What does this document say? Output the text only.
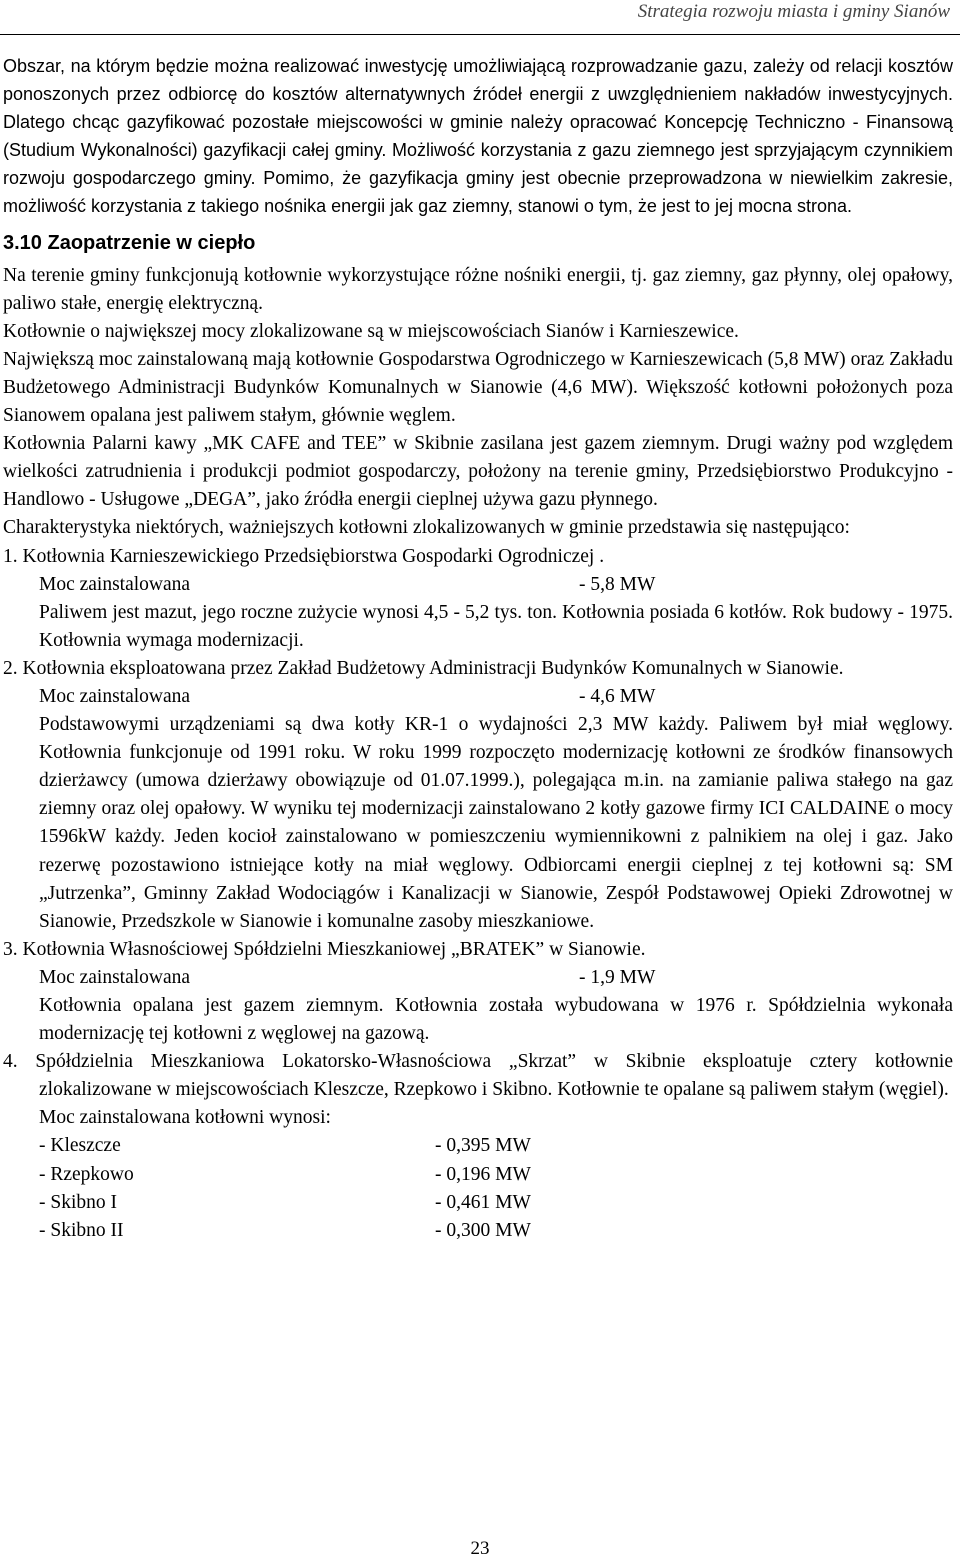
Strategia rozwoju miasta i gminy Sianów

Obszar, na którym będzie można realizować inwestycję umożliwiającą rozprowadzanie gazu, zależy od relacji kosztów ponoszonych przez odbiorcę do kosztów alternatywnych źródeł energii z uwzględnieniem nakładów inwestycyjnych. Dlatego chcąc gazyfikować pozostałe miejscowości w gminie należy opracować Koncepcję Techniczno - Finansową (Studium Wykonalności) gazyfikacji całej gminy. Możliwość korzystania z gazu ziemnego jest sprzyjającym czynnikiem rozwoju gospodarczego gminy. Pomimo, że gazyfikacja gminy jest obecnie przeprowadzona w niewielkim zakresie, możliwość korzystania z takiego nośnika energii jak gaz ziemny, stanowi o tym, że jest to jej mocna strona.

3.10 Zaopatrzenie w ciepło

Na terenie gminy funkcjonują kotłownie wykorzystujące różne nośniki energii, tj. gaz ziemny, gaz płynny, olej opałowy, paliwo stałe, energię elektryczną.

Kotłownie o największej mocy zlokalizowane są w miejscowościach Sianów i Karnieszewice.

Największą moc zainstalowaną mają kotłownie Gospodarstwa Ogrodniczego w Karnieszewicach (5,8 MW) oraz Zakładu Budżetowego Administracji Budynków Komunalnych w Sianowie (4,6 MW). Większość kotłowni położonych poza Sianowem opalana jest paliwem stałym, głównie węglem.

Kotłownia Palarni kawy „MK CAFE and TEE” w Skibnie zasilana jest gazem ziemnym. Drugi ważny pod względem wielkości zatrudnienia i produkcji podmiot gospodarczy, położony na terenie gminy, Przedsiębiorstwo Produkcyjno - Handlowo - Usługowe „DEGA”, jako źródła energii cieplnej używa gazu płynnego.

Charakterystyka niektórych, ważniejszych kotłowni zlokalizowanych w gminie przedstawia się następująco:

1. Kotłownia Karnieszewickiego Przedsiębiorstwa Gospodarki Ogrodniczej .

Moc zainstalowana	- 5,8 MW

Paliwem jest mazut, jego roczne zużycie wynosi 4,5 - 5,2 tys. ton. Kotłownia posiada 6 kotłów. Rok budowy - 1975. Kotłownia wymaga modernizacji.

2. Kotłownia eksploatowana przez Zakład Budżetowy Administracji Budynków Komunalnych w Sianowie.

Moc zainstalowana	- 4,6 MW

Podstawowymi urządzeniami są dwa kotły KR-1 o wydajności 2,3 MW każdy. Paliwem był miał węglowy. Kotłownia funkcjonuje od 1991 roku. W roku 1999 rozpoczęto modernizację kotłowni ze środków finansowych dzierżawcy (umowa dzierżawy obowiązuje od 01.07.1999.), polegająca m.in. na zamianie paliwa stałego na gaz ziemny oraz olej opałowy. W wyniku tej modernizacji zainstalowano 2 kotły gazowe firmy ICI CALDAINE o mocy 1596kW każdy. Jeden kocioł zainstalowano w pomieszczeniu wymiennikowni z palnikiem na olej i gaz. Jako rezerwę pozostawiono istniejące kotły na miał węglowy. Odbiorcami energii cieplnej z tej kotłowni są: SM „Jutrzenka”, Gminny Zakład Wodociągów i Kanalizacji w Sianowie, Zespół Podstawowej Opieki Zdrowotnej w Sianowie, Przedszkole w Sianowie i komunalne zasoby mieszkaniowe.

3. Kotłownia Własnościowej Spółdzielni Mieszkaniowej „BRATEK” w Sianowie.

Moc zainstalowana	- 1,9 MW

Kotłownia opalana jest gazem ziemnym. Kotłownia została wybudowana w 1976 r. Spółdzielnia wykonała modernizację tej kotłowni z węglowej na gazową.

4. Spółdzielnia Mieszkaniowa Lokatorsko-Własnościowa „Skrzat” w Skibnie eksploatuje cztery kotłownie zlokalizowane w miejscowościach Kleszcze, Rzepkowo i Skibno. Kotłownie te opalane są paliwem stałym (węgiel).

Moc zainstalowana kotłowni wynosi:

- Kleszcze	- 0,395 MW
- Rzepkowo	- 0,196 MW
- Skibno I	- 0,461 MW
- Skibno II	- 0,300 MW
23
